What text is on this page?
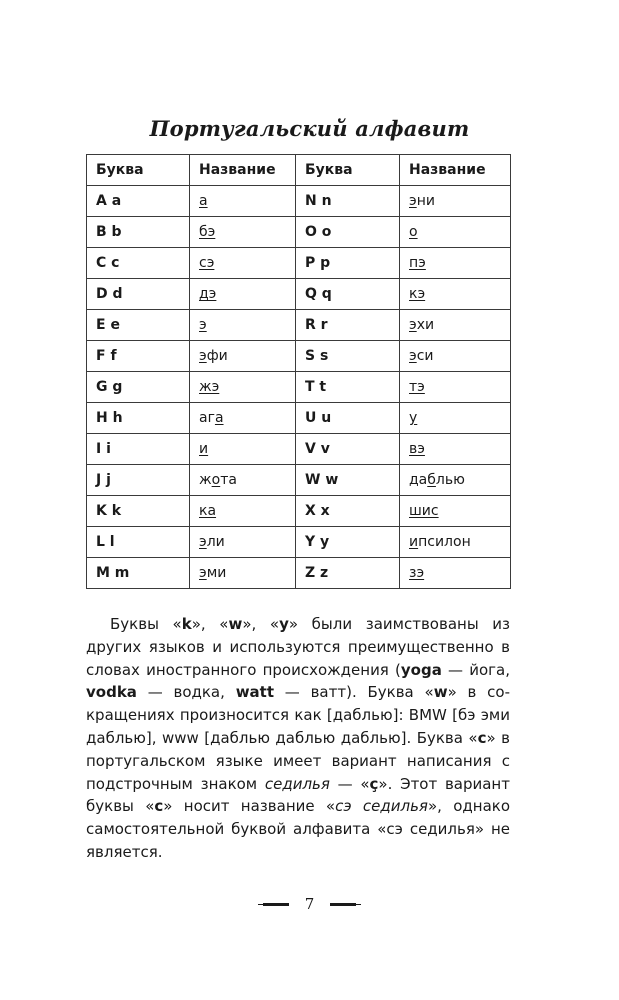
Португальский алфавит
Буква	Название	Буква	Название
A a	а	N n	эни
B b	бэ	O o	о
C c	сэ	P p	пэ
D d	дэ	Q q	кэ
E e	э	R r	эхи
F f	эфи	S s	эси
G g	жэ	T t	тэ
H h	ага	U u	у
I i	и	V v	вэ
J j	жота	W w	даблью
K k	ка	X x	шис
L l	эли	Y y	ипсилон
M m	эми	Z z	зэ

Буквы «k», «w», «y» были заимствованы из других языков и используются преимущественно в словах иностранного происхождения (yoga — йога, vodka — водка, watt — ватт). Буква «w» в сокращениях произносится как [даблью]: BMW [бэ эми даблью], www [даблью даблью даблью]. Буква «c» в португальском языке имеет вариант написания с подстрочным знаком седилья — «ç». Этот вариант буквы «c» носит название «сэ седилья», однако самостоятельной буквой алфавита «сэ седилья» не является.

7
